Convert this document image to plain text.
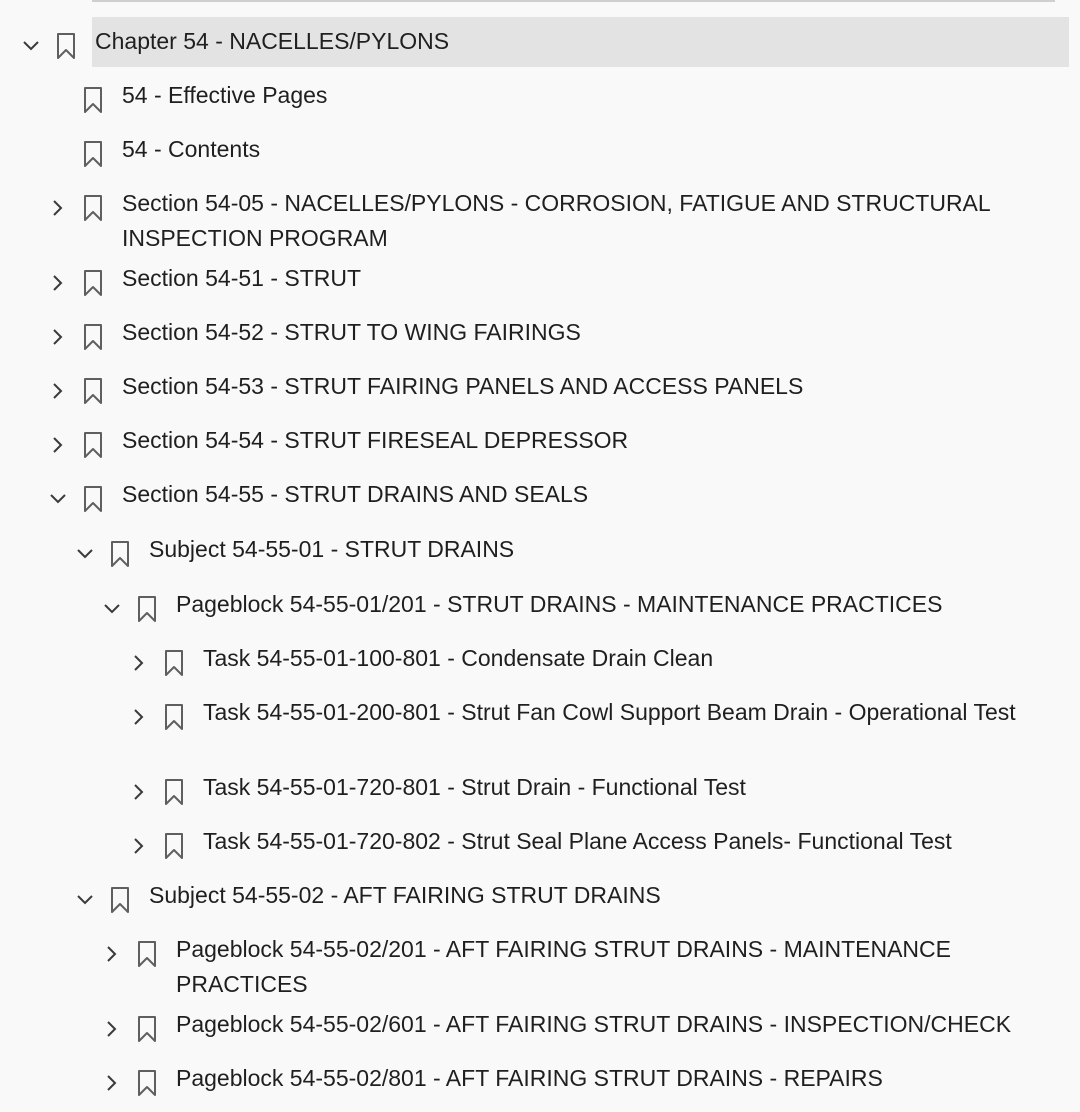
Chapter 54 - NACELLES/PYLONS
54 - Effective Pages
54 - Contents
Section 54-05 - NACELLES/PYLONS - CORROSION, FATIGUE AND STRUCTURAL INSPECTION PROGRAM
Section 54-51 - STRUT
Section 54-52 - STRUT TO WING FAIRINGS
Section 54-53 - STRUT FAIRING PANELS AND ACCESS PANELS
Section 54-54 - STRUT FIRESEAL DEPRESSOR
Section 54-55 - STRUT DRAINS AND SEALS
Subject 54-55-01 - STRUT DRAINS
Pageblock 54-55-01/201 - STRUT DRAINS - MAINTENANCE PRACTICES
Task 54-55-01-100-801 - Condensate Drain Clean
Task 54-55-01-200-801 - Strut Fan Cowl Support Beam Drain - Operational Test
Task 54-55-01-720-801 - Strut Drain - Functional Test
Task 54-55-01-720-802 - Strut Seal Plane Access Panels- Functional Test
Subject 54-55-02 - AFT FAIRING STRUT DRAINS
Pageblock 54-55-02/201 - AFT FAIRING STRUT DRAINS - MAINTENANCE PRACTICES
Pageblock 54-55-02/601 - AFT FAIRING STRUT DRAINS - INSPECTION/CHECK
Pageblock 54-55-02/801 - AFT FAIRING STRUT DRAINS - REPAIRS
